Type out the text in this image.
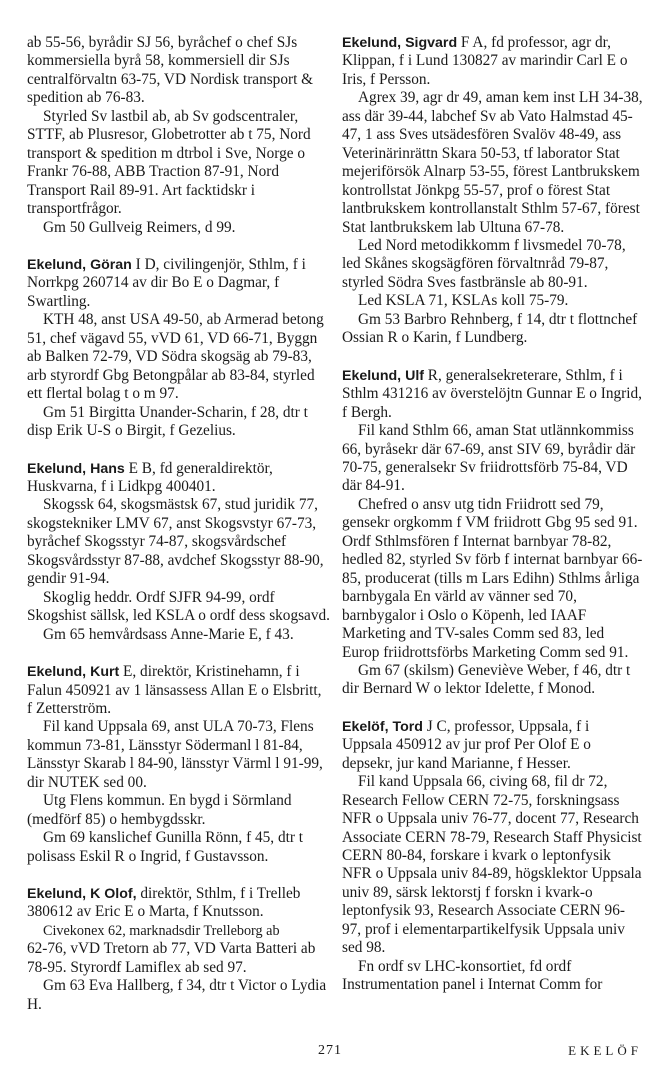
ab 55-56, byrådir SJ 56, byråchef o chef SJs kommersiella byrå 58, kommersiell dir SJs centralförvaltn 63-75, VD Nordisk transport & spedition ab 76-83.

Styrled Sv lastbil ab, ab Sv godscentraler, STTF, ab Plusresor, Globetrotter ab t 75, Nord transport & spedition m dtrbol i Sve, Norge o Frankr 76-88, ABB Traction 87-91, Nord Transport Rail 89-91. Art facktidskr i transportfrågor.

Gm 50 Gullveig Reimers, d 99.

Ekelund, Göran I D, civilingenjör, Sthlm, f i Norrkpg 260714 av dir Bo E o Dagmar, f Swartling.

KTH 48, anst USA 49-50, ab Armerad betong 51, chef vägavd 55, vVD 61, VD 66-71, Byggn ab Balken 72-79, VD Södra skogsäg ab 79-83, arb styrordf Gbg Betongpålar ab 83-84, styrled ett flertal bolag t o m 97.

Gm 51 Birgitta Unander-Scharin, f 28, dtr t disp Erik U-S o Birgit, f Gezelius.

Ekelund, Hans E B, fd generaldirektör, Huskvarna, f i Lidkpg 400401.

Skogssk 64, skogsmästsk 67, stud juridik 77, skogstekniker LMV 67, anst Skogsvstyr 67-73, byråchef Skogsstyr 74-87, skogsvårdschef Skogsvårdsstyr 87-88, avdchef Skogsstyr 88-90, gendir 91-94.

Skoglig heddr. Ordf SJFR 94-99, ordf Skogshist sällsk, led KSLA o ordf dess skogsavd.

Gm 65 hemvårdsass Anne-Marie E, f 43.

Ekelund, Kurt E, direktör, Kristinehamn, f i Falun 450921 av 1 länsassess Allan E o Elsbritt, f Zetterström.

Fil kand Uppsala 69, anst ULA 70-73, Flens kommun 73-81, Länsstyr Södermanl l 81-84, Länsstyr Skarab l 84-90, länsstyr Värml l 91-99, dir NUTEK sed 00.

Utg Flens kommun. En bygd i Sörmland (medförf 85) o hembygdsskr.

Gm 69 kanslichef Gunilla Rönn, f 45, dtr t polisass Eskil R o Ingrid, f Gustavsson.

Ekelund, K Olof, direktör, Sthlm, f i Trelleb 380612 av Eric E o Marta, f Knutsson.

Civekonex 62, marknadsdir Trelleborg ab

62-76, vVD Tretorn ab 77, VD Varta Batteri ab 78-95. Styrordf Lamiflex ab sed 97.

Gm 63 Eva Hallberg, f 34, dtr t Victor o Lydia H.

Ekelund, Sigvard F A, fd professor, agr dr, Klippan, f i Lund 130827 av marindir Carl E o Iris, f Persson.

Agrex 39, agr dr 49, aman kem inst LH 34-38, ass där 39-44, labchef Sv ab Vato Halmstad 45-47, 1 ass Sves utsädesfören Svalöv 48-49, ass Veterinärinrättn Skara 50-53, tf laborator Stat mejeriförsök Alnarp 53-55, förest Lantbrukskem kontrollstat Jönkpg 55-57, prof o förest Stat lantbrukskem kontrollanstalt Sthlm 57-67, förest Stat lantbrukskem lab Ultuna 67-78.

Led Nord metodikkomm f livsmedel 70-78, led Skånes skogsägfören förvaltnråd 79-87, styrled Södra Sves fastbränsle ab 80-91.

Led KSLA 71, KSLAs koll 75-79.

Gm 53 Barbro Rehnberg, f 14, dtr t flottnchef Ossian R o Karin, f Lundberg.

Ekelund, Ulf R, generalsekreterare, Sthlm, f i Sthlm 431216 av överstelöjtn Gunnar E o Ingrid, f Bergh.

Fil kand Sthlm 66, aman Stat utlännkommiss 66, byråsekr där 67-69, anst SIV 69, byrådir där 70-75, generalsekr Sv friidrottsförb 75-84, VD där 84-91.

Chefred o ansv utg tidn Friidrott sed 79, gensekr orgkomm f VM friidrott Gbg 95 sed 91. Ordf Sthlmsfören f Internat barnbyar 78-82, hedled 82, styrled Sv förb f internat barnbyar 66-85, producerat (tills m Lars Edihn) Sthlms årliga barnbygala En värld av vänner sed 70, barnbygalor i Oslo o Köpenh, led IAAF Marketing and TV-sales Comm sed 83, led Europ friidrottsförbs Marketing Comm sed 91.

Gm 67 (skilsm) Geneviève Weber, f 46, dtr t dir Bernard W o lektor Idelette, f Monod.

Ekelöf, Tord J C, professor, Uppsala, f i Uppsala 450912 av jur prof Per Olof E o depsekr, jur kand Marianne, f Hesser.

Fil kand Uppsala 66, civing 68, fil dr 72, Research Fellow CERN 72-75, forskningsass NFR o Uppsala univ 76-77, docent 77, Research Associate CERN 78-79, Research Staff Physicist CERN 80-84, forskare i kvark o leptonfysik NFR o Uppsala univ 84-89, högsklektor Uppsala univ 89, särsk lektorstj f forskn i kvark-o leptonfysik 93, Research Associate CERN 96-97, prof i elementarpartikelfysik Uppsala univ sed 98.

Fn ordf sv LHC-konsortiet, fd ordf Instrumentation panel i Internat Comm for

271	EKELÖF
